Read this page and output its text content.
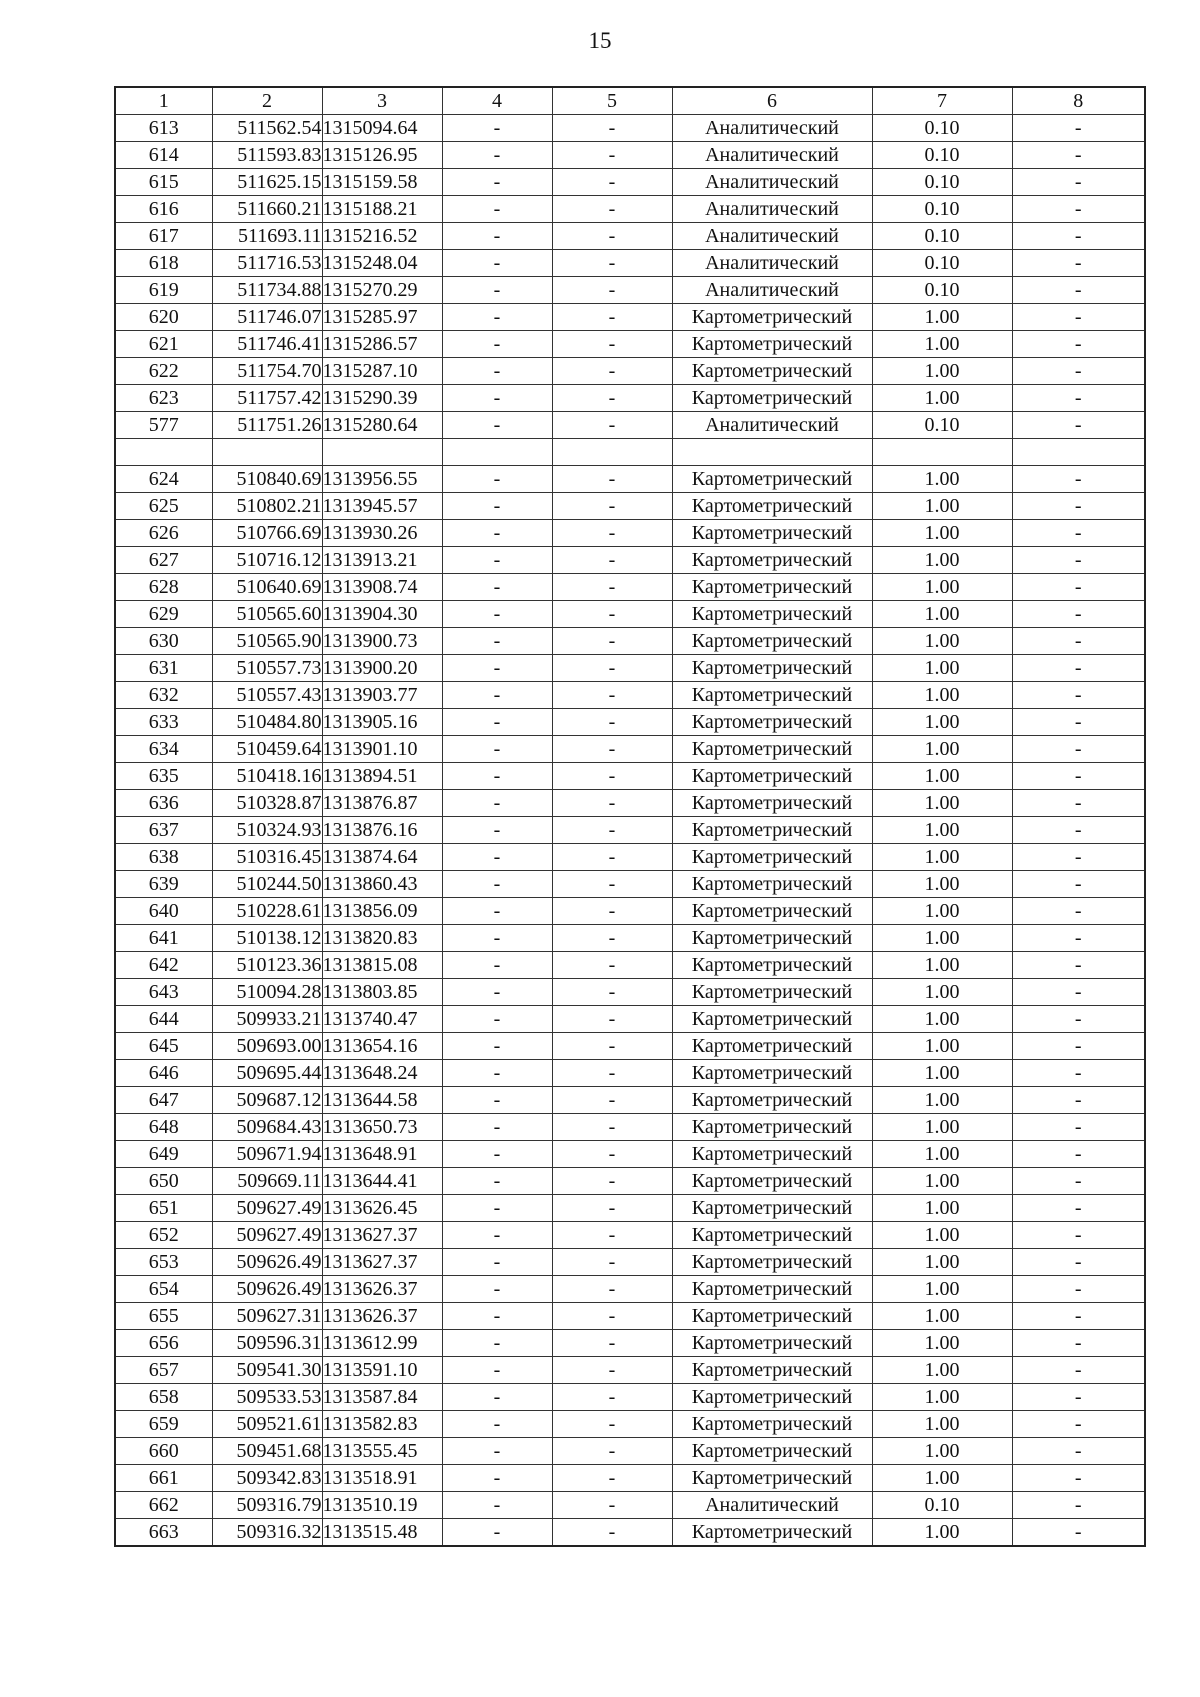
15
1	2	3	4	5	6	7	8
613	511562.54	1315094.64	-	-	Аналитический	0.10	-
614	511593.83	1315126.95	-	-	Аналитический	0.10	-
615	511625.15	1315159.58	-	-	Аналитический	0.10	-
616	511660.21	1315188.21	-	-	Аналитический	0.10	-
617	511693.11	1315216.52	-	-	Аналитический	0.10	-
618	511716.53	1315248.04	-	-	Аналитический	0.10	-
619	511734.88	1315270.29	-	-	Аналитический	0.10	-
620	511746.07	1315285.97	-	-	Картометрический	1.00	-
621	511746.41	1315286.57	-	-	Картометрический	1.00	-
622	511754.70	1315287.10	-	-	Картометрический	1.00	-
623	511757.42	1315290.39	-	-	Картометрический	1.00	-
577	511751.26	1315280.64	-	-	Аналитический	0.10	-

624	510840.69	1313956.55	-	-	Картометрический	1.00	-
625	510802.21	1313945.57	-	-	Картометрический	1.00	-
626	510766.69	1313930.26	-	-	Картометрический	1.00	-
627	510716.12	1313913.21	-	-	Картометрический	1.00	-
628	510640.69	1313908.74	-	-	Картометрический	1.00	-
629	510565.60	1313904.30	-	-	Картометрический	1.00	-
630	510565.90	1313900.73	-	-	Картометрический	1.00	-
631	510557.73	1313900.20	-	-	Картометрический	1.00	-
632	510557.43	1313903.77	-	-	Картометрический	1.00	-
633	510484.80	1313905.16	-	-	Картометрический	1.00	-
634	510459.64	1313901.10	-	-	Картометрический	1.00	-
635	510418.16	1313894.51	-	-	Картометрический	1.00	-
636	510328.87	1313876.87	-	-	Картометрический	1.00	-
637	510324.93	1313876.16	-	-	Картометрический	1.00	-
638	510316.45	1313874.64	-	-	Картометрический	1.00	-
639	510244.50	1313860.43	-	-	Картометрический	1.00	-
640	510228.61	1313856.09	-	-	Картометрический	1.00	-
641	510138.12	1313820.83	-	-	Картометрический	1.00	-
642	510123.36	1313815.08	-	-	Картометрический	1.00	-
643	510094.28	1313803.85	-	-	Картометрический	1.00	-
644	509933.21	1313740.47	-	-	Картометрический	1.00	-
645	509693.00	1313654.16	-	-	Картометрический	1.00	-
646	509695.44	1313648.24	-	-	Картометрический	1.00	-
647	509687.12	1313644.58	-	-	Картометрический	1.00	-
648	509684.43	1313650.73	-	-	Картометрический	1.00	-
649	509671.94	1313648.91	-	-	Картометрический	1.00	-
650	509669.11	1313644.41	-	-	Картометрический	1.00	-
651	509627.49	1313626.45	-	-	Картометрический	1.00	-
652	509627.49	1313627.37	-	-	Картометрический	1.00	-
653	509626.49	1313627.37	-	-	Картометрический	1.00	-
654	509626.49	1313626.37	-	-	Картометрический	1.00	-
655	509627.31	1313626.37	-	-	Картометрический	1.00	-
656	509596.31	1313612.99	-	-	Картометрический	1.00	-
657	509541.30	1313591.10	-	-	Картометрический	1.00	-
658	509533.53	1313587.84	-	-	Картометрический	1.00	-
659	509521.61	1313582.83	-	-	Картометрический	1.00	-
660	509451.68	1313555.45	-	-	Картометрический	1.00	-
661	509342.83	1313518.91	-	-	Картометрический	1.00	-
662	509316.79	1313510.19	-	-	Аналитический	0.10	-
663	509316.32	1313515.48	-	-	Картометрический	1.00	-
